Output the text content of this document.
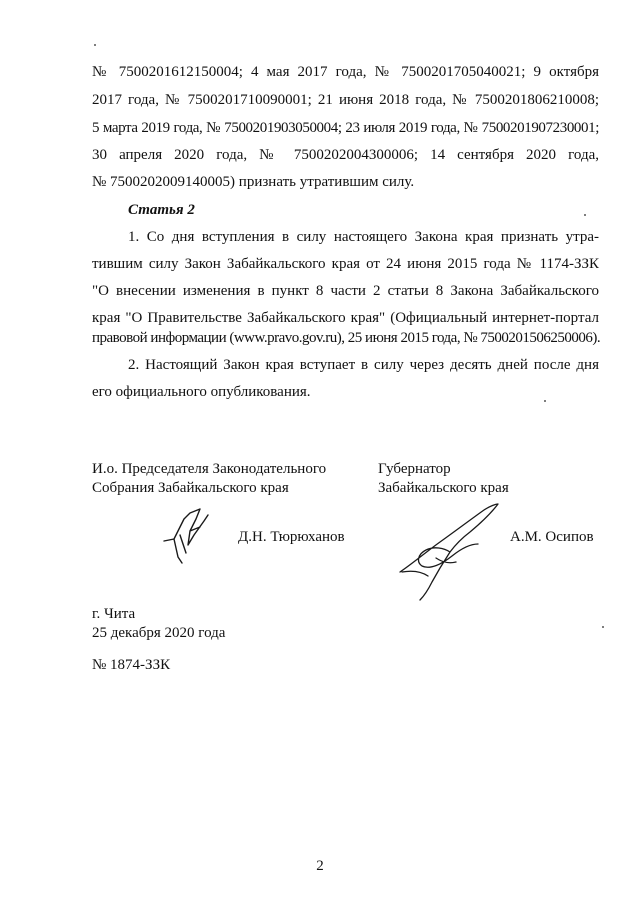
№ 7500201612150004; 4 мая 2017 года, № 7500201705040021; 9 октября
2017 года, № 7500201710090001; 21 июня 2018 года, № 7500201806210008;
5 марта 2019 года, № 7500201903050004; 23 июля 2019 года, № 7500201907230001;
30 апреля 2020 года, № 7500202004300006; 14 сентября 2020 года,
№ 7500202009140005) признать утратившим силу.
Статья 2
1. Со дня вступления в силу настоящего Закона края признать утра-
тившим силу Закон Забайкальского края от 24 июня 2015 года № 1174-ЗЗК
"О внесении изменения в пункт 8 части 2 статьи 8 Закона Забайкальского
края "О Правительстве Забайкальского края" (Официальный интернет-портал
правовой информации (www.pravo.gov.ru), 25 июня 2015 года, № 7500201506250006).
2. Настоящий Закон края вступает в силу через десять дней после дня
его официального опубликования.
И.о. Председателя Законодательного
Собрания Забайкальского края
Д.Н. Тюрюханов
Губернатор
Забайкальского края
А.М. Осипов
г. Чита
25 декабря 2020 года
№ 1874-ЗЗК
2
